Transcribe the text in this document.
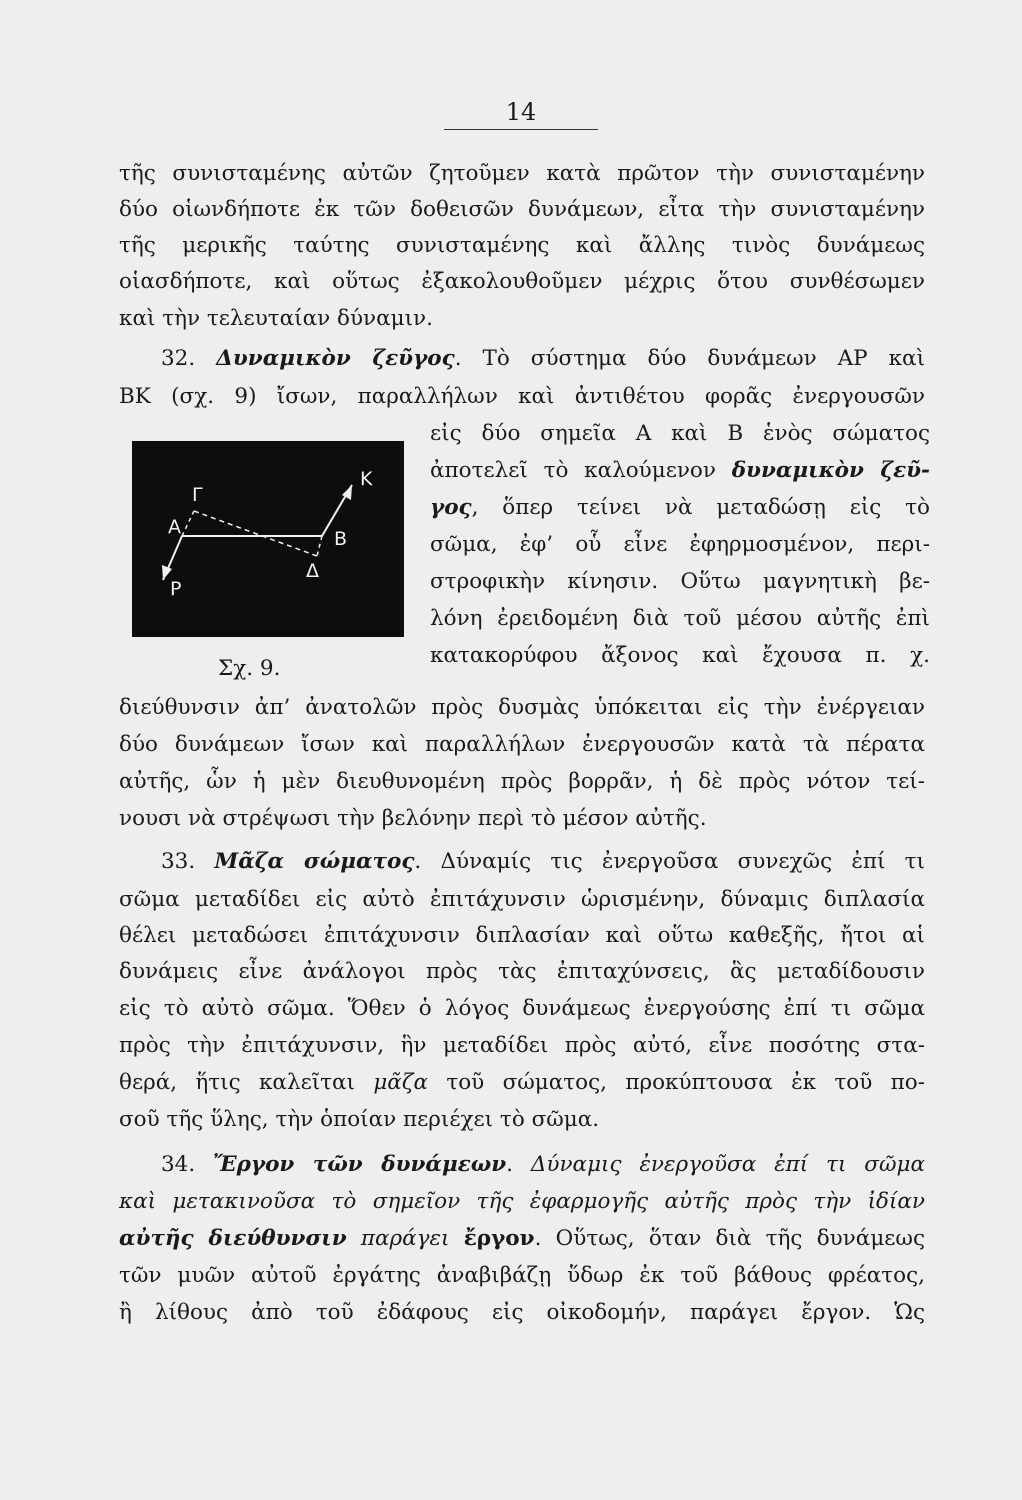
14
τῆς συνισταμένης αὐτῶν ζητοῦμεν κατὰ πρῶτον τὴν συνισταμένην
δύο οἱωνδήποτε ἐκ τῶν δοθεισῶν δυνάμεων, εἶτα τὴν συνισταμένην
τῆς μερικῆς ταύτης συνισταμένης καὶ ἄλλης τινὸς δυνάμεως
οἱασδήποτε, καὶ οὕτως ἐξακολουθοῦμεν μέχρις ὅτου συνθέσωμεν
καὶ τὴν τελευταίαν δύναμιν.
32. Δυναμικὸν ζεῦγος. Τὸ σύστημα δύο δυνάμεων ΑΡ καὶ
ΒΚ (σχ. 9) ἴσων, παραλλήλων καὶ ἀντιθέτου φορᾶς ἐνεργουσῶν
εἰς δύο σημεῖα Α καὶ Β ἑνὸς σώματος
ἀποτελεῖ τὸ καλούμενον δυναμικὸν ζεῦ-
γος, ὅπερ τείνει νὰ μεταδώσῃ εἰς τὸ
σῶμα, ἐφ’ οὗ εἶνε ἐφηρμοσμένον, περι-
στροφικὴν κίνησιν. Οὕτω μαγνητικὴ βε-
λόνη ἐρειδομένη διὰ τοῦ μέσου αὐτῆς ἐπὶ
κατακορύφου ἄξονος καὶ ἔχουσα π. χ.
Α
Γ
Β
Δ
Κ
Ρ
Σχ. 9.
διεύθυνσιν ἀπ’ ἀνατολῶν πρὸς δυσμὰς ὑπόκειται εἰς τὴν ἐνέργειαν
δύο δυνάμεων ἴσων καὶ παραλλήλων ἐνεργουσῶν κατὰ τὰ πέρατα
αὐτῆς, ὧν ἡ μὲν διευθυνομένη πρὸς βορρᾶν, ἡ δὲ πρὸς νότον τεί-
νουσι νὰ στρέψωσι τὴν βελόνην περὶ τὸ μέσον αὐτῆς.
33. Μᾶζα σώματος. Δύναμίς τις ἐνεργοῦσα συνεχῶς ἐπί τι
σῶμα μεταδίδει εἰς αὐτὸ ἐπιτάχυνσιν ὡρισμένην, δύναμις διπλασία
θέλει μεταδώσει ἐπιτάχυνσιν διπλασίαν καὶ οὕτω καθεξῆς, ἤτοι αἱ
δυνάμεις εἶνε ἀνάλογοι πρὸς τὰς ἐπιταχύνσεις, ἃς μεταδίδουσιν
εἰς τὸ αὐτὸ σῶμα. Ὅθεν ὁ λόγος δυνάμεως ἐνεργούσης ἐπί τι σῶμα
πρὸς τὴν ἐπιτάχυνσιν, ἣν μεταδίδει πρὸς αὐτό, εἶνε ποσότης στα-
θερά, ἥτις καλεῖται μᾶζα τοῦ σώματος, προκύπτουσα ἐκ τοῦ πο-
σοῦ τῆς ὕλης, τὴν ὁποίαν περιέχει τὸ σῶμα.
34. Ἔργον τῶν δυνάμεων. Δύναμις ἐνεργοῦσα ἐπί τι σῶμα
καὶ μετακινοῦσα τὸ σημεῖον τῆς ἐφαρμογῆς αὐτῆς πρὸς τὴν ἰδίαν
αὐτῆς διεύθυνσιν παράγει ἔργον. Οὕτως, ὅταν διὰ τῆς δυνάμεως
τῶν μυῶν αὐτοῦ ἐργάτης ἀναβιβάζῃ ὕδωρ ἐκ τοῦ βάθους φρέατος,
ἢ λίθους ἀπὸ τοῦ ἐδάφους εἰς οἰκοδομήν, παράγει ἔργον. Ὡς
